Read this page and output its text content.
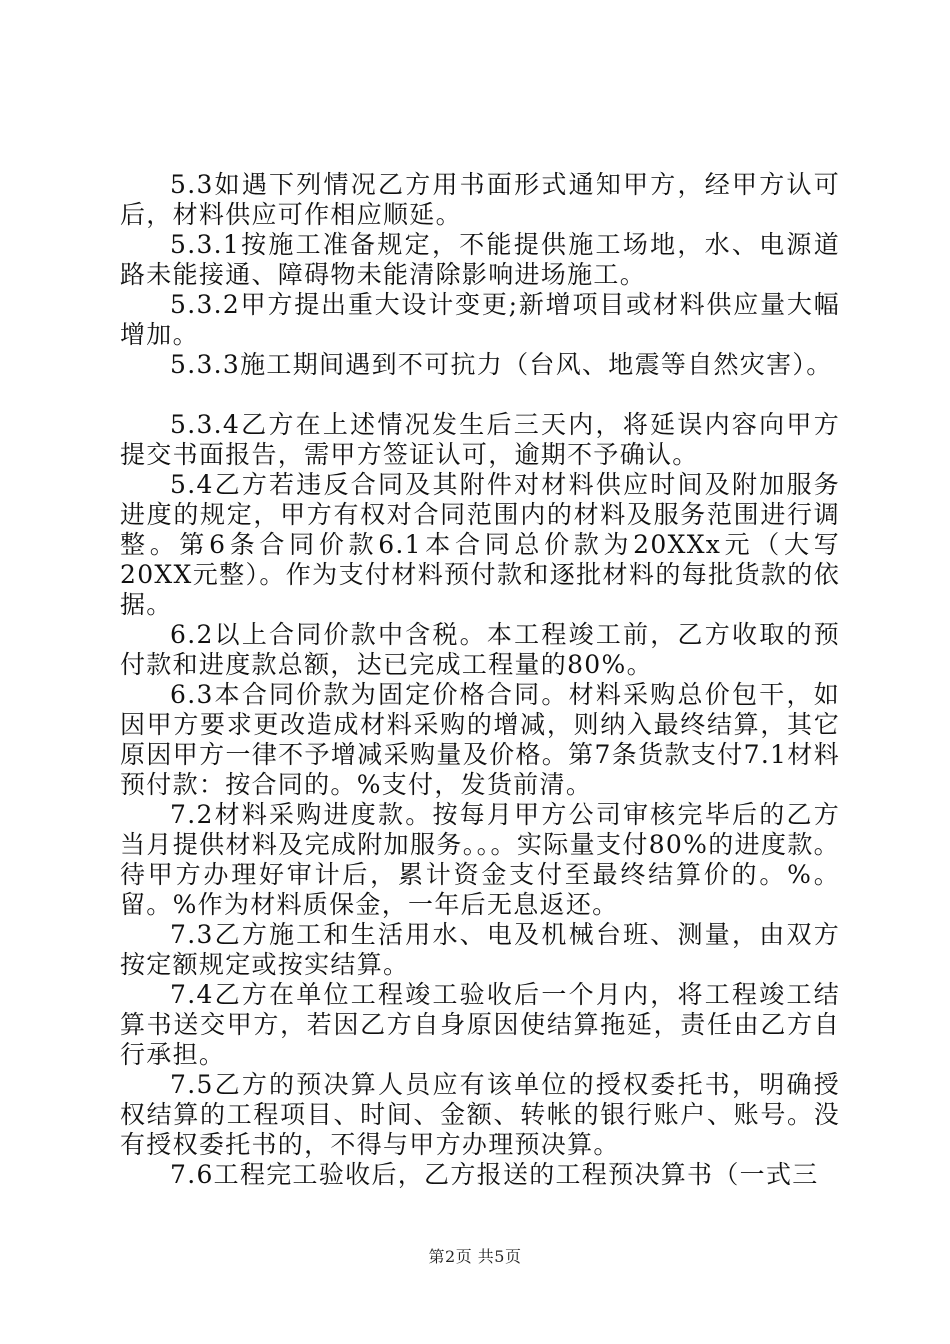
5.3如遇下列情况乙方用书面形式通知甲方，经甲方认可后，材料供应可作相应顺延。

5.3.1按施工准备规定，不能提供施工场地，水、电源道路未能接通、障碍物未能清除影响进场施工。

5.3.2甲方提出重大设计变更;新增项目或材料供应量大幅增加。

5.3.3施工期间遇到不可抗力（台风、地震等自然灾害）。

5.3.4乙方在上述情况发生后三天内，将延误内容向甲方提交书面报告，需甲方签证认可，逾期不予确认。

5.4乙方若违反合同及其附件对材料供应时间及附加服务进度的规定，甲方有权对合同范围内的材料及服务范围进行调整。第6条合同价款6.1本合同总价款为20XXx元（大写20XX元整）。作为支付材料预付款和逐批材料的每批货款的依据。

6.2以上合同价款中含税。本工程竣工前，乙方收取的预付款和进度款总额，达已完成工程量的80%。

6.3本合同价款为固定价格合同。材料采购总价包干，如因甲方要求更改造成材料采购的增减，则纳入最终结算，其它原因甲方一律不予增减采购量及价格。第7条货款支付7.1材料预付款：按合同的。%支付，发货前清。

7.2材料采购进度款。按每月甲方公司审核完毕后的乙方当月提供材料及完成附加服务。。。实际量支付80%的进度款。待甲方办理好审计后，累计资金支付至最终结算价的。%。留。%作为材料质保金，一年后无息返还。

7.3乙方施工和生活用水、电及机械台班、测量，由双方按定额规定或按实结算。

7.4乙方在单位工程竣工验收后一个月内，将工程竣工结算书送交甲方，若因乙方自身原因使结算拖延，责任由乙方自行承担。

7.5乙方的预决算人员应有该单位的授权委托书，明确授权结算的工程项目、时间、金额、转帐的银行账户、账号。没有授权委托书的，不得与甲方办理预决算。

7.6工程完工验收后，乙方报送的工程预决算书（一式三

第2页 共5页
